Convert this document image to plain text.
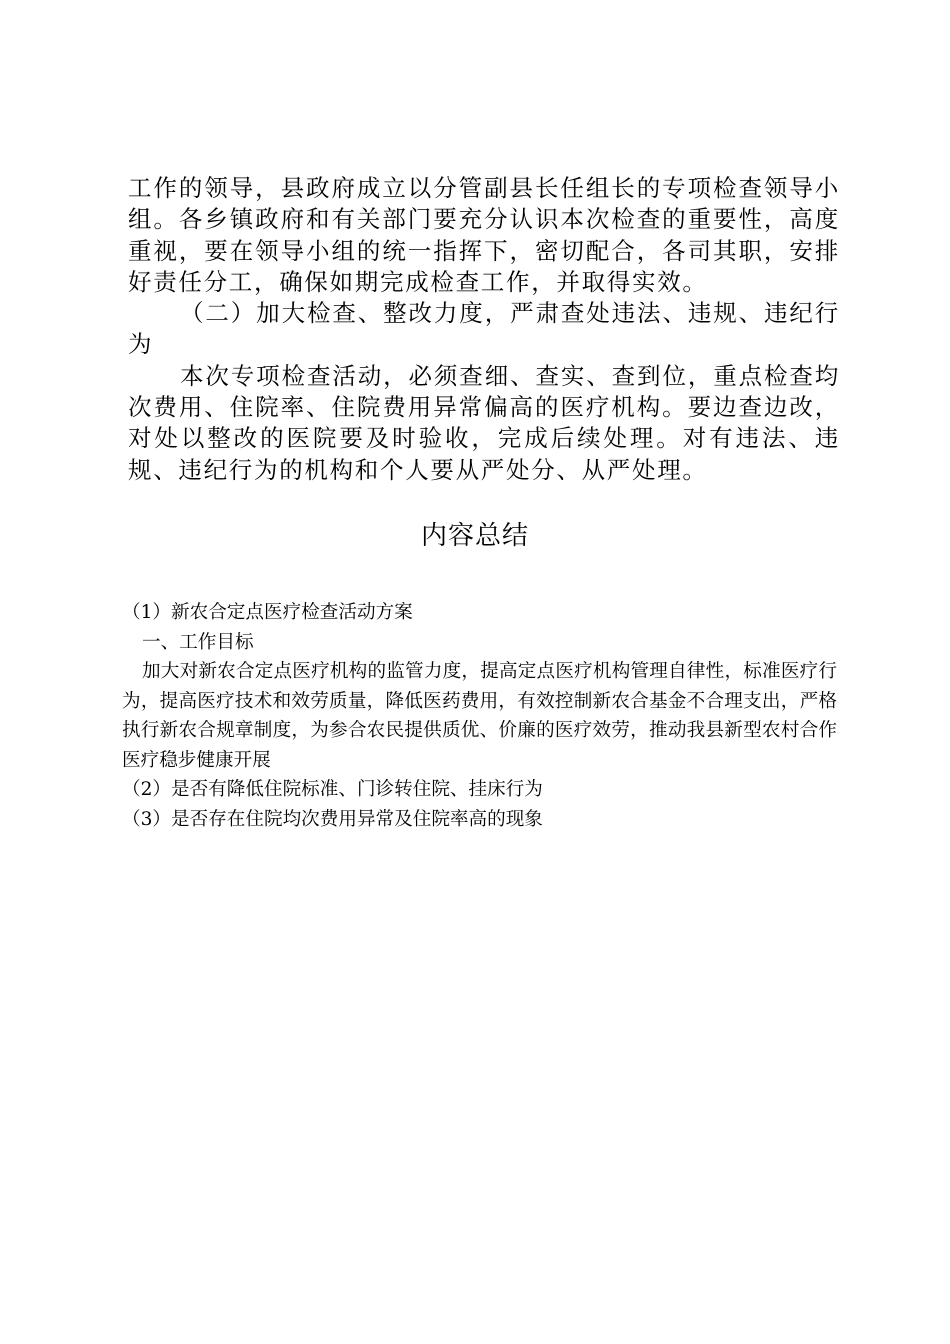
工作的领导，县政府成立以分管副县长任组长的专项检查领导小组。各乡镇政府和有关部门要充分认识本次检查的重要性，高度重视，要在领导小组的统一指挥下，密切配合，各司其职，安排好责任分工，确保如期完成检查工作，并取得实效。

（二）加大检查、整改力度，严肃查处违法、违规、违纪行为

本次专项检查活动，必须查细、查实、查到位，重点检查均次费用、住院率、住院费用异常偏高的医疗机构。要边查边改，对处以整改的医院要及时验收，完成后续处理。对有违法、违规、违纪行为的机构和个人要从严处分、从严处理。

内容总结

（1）新农合定点医疗检查活动方案

一、工作目标

加大对新农合定点医疗机构的监管力度，提高定点医疗机构管理自律性，标准医疗行为，提高医疗技术和效劳质量，降低医药费用，有效控制新农合基金不合理支出，严格执行新农合规章制度，为参合农民提供质优、价廉的医疗效劳，推动我县新型农村合作医疗稳步健康开展

（2）是否有降低住院标准、门诊转住院、挂床行为

（3）是否存在住院均次费用异常及住院率高的现象
